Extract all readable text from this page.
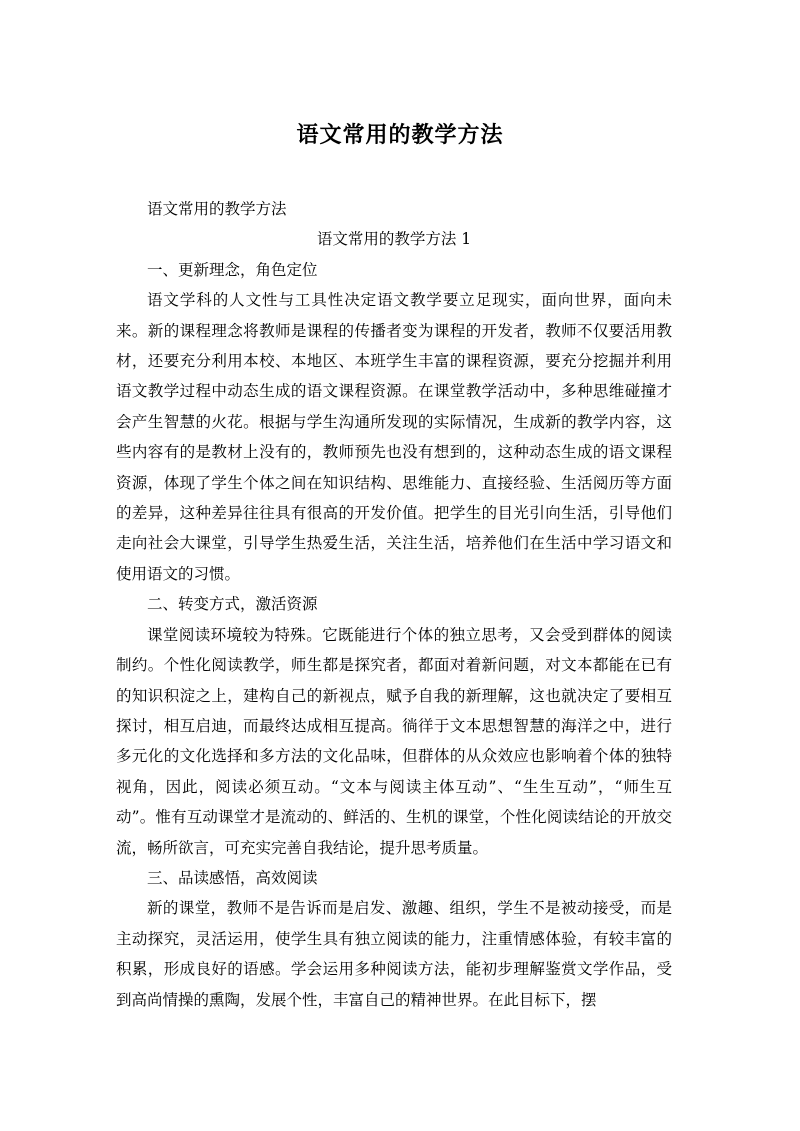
语文常用的教学方法

语文常用的教学方法

语文常用的教学方法 1

一、更新理念，角色定位

语文学科的人文性与工具性决定语文教学要立足现实，面向世界，面向未来。新的课程理念将教师是课程的传播者变为课程的开发者，教师不仅要活用教材，还要充分利用本校、本地区、本班学生丰富的课程资源，要充分挖掘并利用语文教学过程中动态生成的语文课程资源。在课堂教学活动中，多种思维碰撞才会产生智慧的火花。根据与学生沟通所发现的实际情况，生成新的教学内容，这些内容有的是教材上没有的，教师预先也没有想到的，这种动态生成的语文课程资源，体现了学生个体之间在知识结构、思维能力、直接经验、生活阅历等方面的差异，这种差异往往具有很高的开发价值。把学生的目光引向生活，引导他们走向社会大课堂，引导学生热爱生活，关注生活，培养他们在生活中学习语文和使用语文的习惯。

二、转变方式，激活资源

课堂阅读环境较为特殊。它既能进行个体的独立思考，又会受到群体的阅读制约。个性化阅读教学，师生都是探究者，都面对着新问题，对文本都能在已有的知识积淀之上，建构自己的新视点，赋予自我的新理解，这也就决定了要相互探讨，相互启迪，而最终达成相互提高。徜徉于文本思想智慧的海洋之中，进行多元化的文化选择和多方法的文化品味，但群体的从众效应也影响着个体的独特视角，因此，阅读必须互动。“文本与阅读主体互动”、“生生互动”，“师生互动”。惟有互动课堂才是流动的、鲜活的、生机的课堂，个性化阅读结论的开放交流，畅所欲言，可充实完善自我结论，提升思考质量。

三、品读感悟，高效阅读

新的课堂，教师不是告诉而是启发、激趣、组织，学生不是被动接受，而是主动探究，灵活运用，使学生具有独立阅读的能力，注重情感体验，有较丰富的积累，形成良好的语感。学会运用多种阅读方法，能初步理解鉴赏文学作品，受到高尚情操的熏陶，发展个性，丰富自己的精神世界。在此目标下，摆
